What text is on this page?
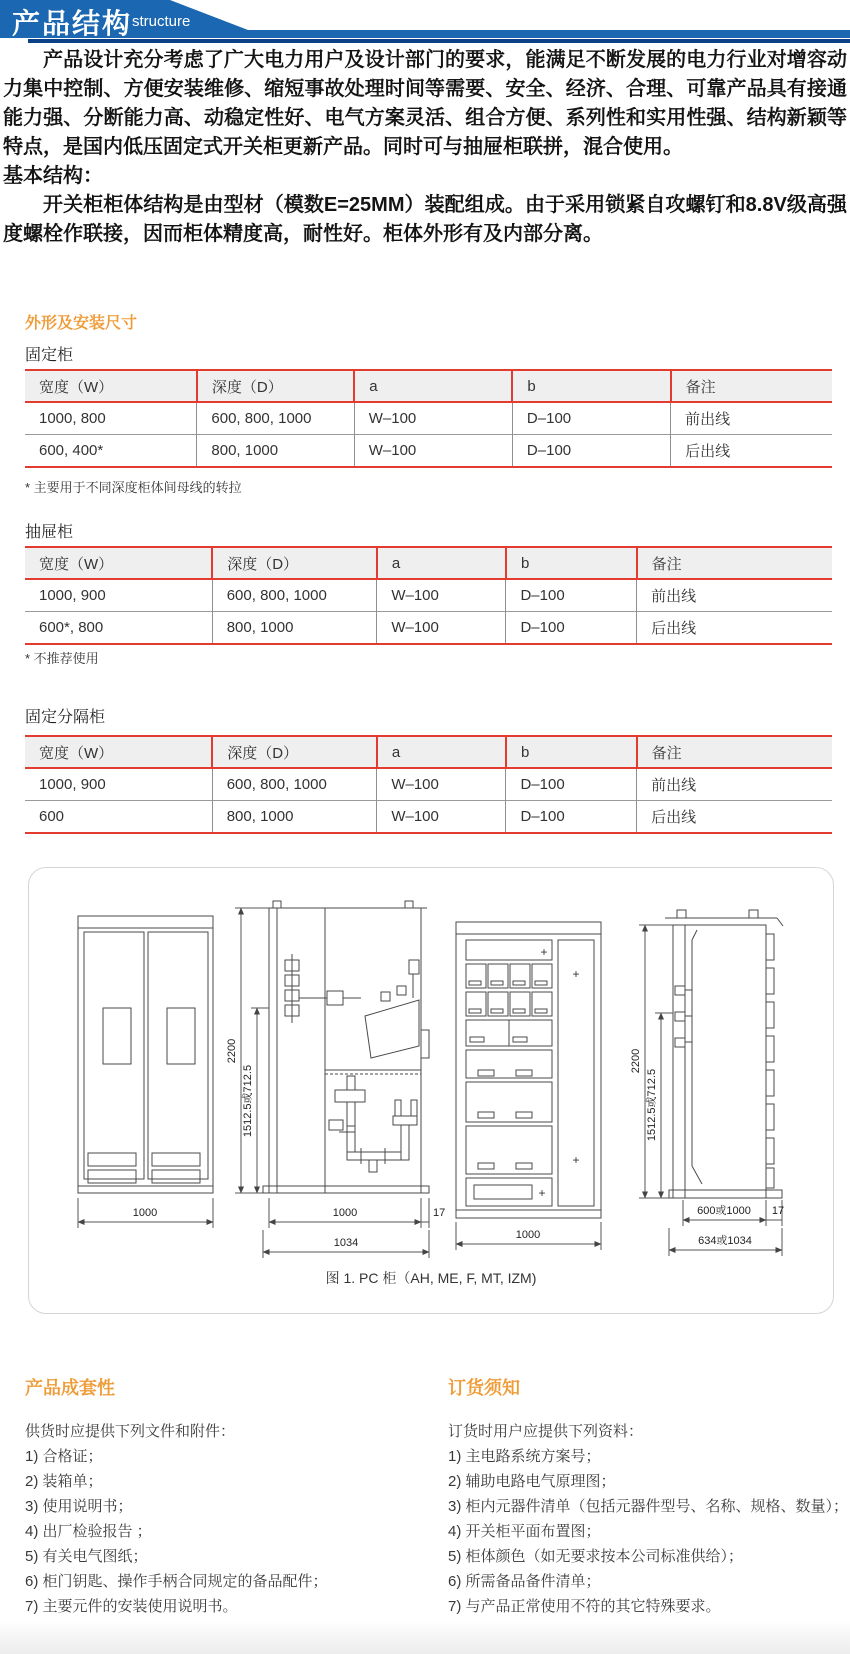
产品结构 structure

产品设计充分考虑了广大电力用户及设计部门的要求，能满足不断发展的电力行业对增容动力集中控制、方便安装维修、缩短事故处理时间等需要、安全、经济、合理、可靠产品具有接通能力强、分断能力高、动稳定性好、电气方案灵活、组合方便、系列性和实用性强、结构新颖等特点，是国内低压固定式开关柜更新产品。同时可与抽屉柜联拼，混合使用。

基本结构：

开关柜柜体结构是由型材（模数E=25MM）装配组成。由于采用锁紧自攻螺钉和8.8V级高强度螺栓作联接，因而柜体精度高，耐性好。柜体外形有及内部分离。

外形及安装尺寸
固定柜
宽度（W）	深度（D）	a	b	备注
1000, 800	600, 800, 1000	W–100	D–100	前出线
600, 400*	800, 1000	W–100	D–100	后出线
* 主要用于不同深度柜体间母线的转拉
抽屉柜
宽度（W）	深度（D）	a	b	备注
1000, 900	600, 800, 1000	W–100	D–100	前出线
600*, 800	800, 1000	W–100	D–100	后出线
* 不推荐使用
固定分隔柜
宽度（W）	深度（D）	a	b	备注
1000, 900	600, 800, 1000	W–100	D–100	前出线
600	800, 1000	W–100	D–100	后出线
1000
2200
1512.5或712.5
1000	17
1034
+
+
+
+
1000
2200
1512.5或712.5
600或1000 17
634或1034
图 1. PC 柜（AH, ME, F, MT, IZM)
产品成套性
供货时应提供下列文件和附件：
1) 合格证；
2) 装箱单；
3) 使用说明书；
4) 出厂检验报告 ；
5) 有关电气图纸；
6) 柜门钥匙、操作手柄合同规定的备品配件；
7) 主要元件的安装使用说明书。
订货须知
订货时用户应提供下列资料：
1) 主电路系统方案号；
2) 辅助电路电气原理图；
3) 柜内元器件清单（包括元器件型号、名称、规格、数量）；
4) 开关柜平面布置图；
5) 柜体颜色（如无要求按本公司标准供给）；
6) 所需备品备件清单；
7) 与产品正常使用不符的其它特殊要求。
